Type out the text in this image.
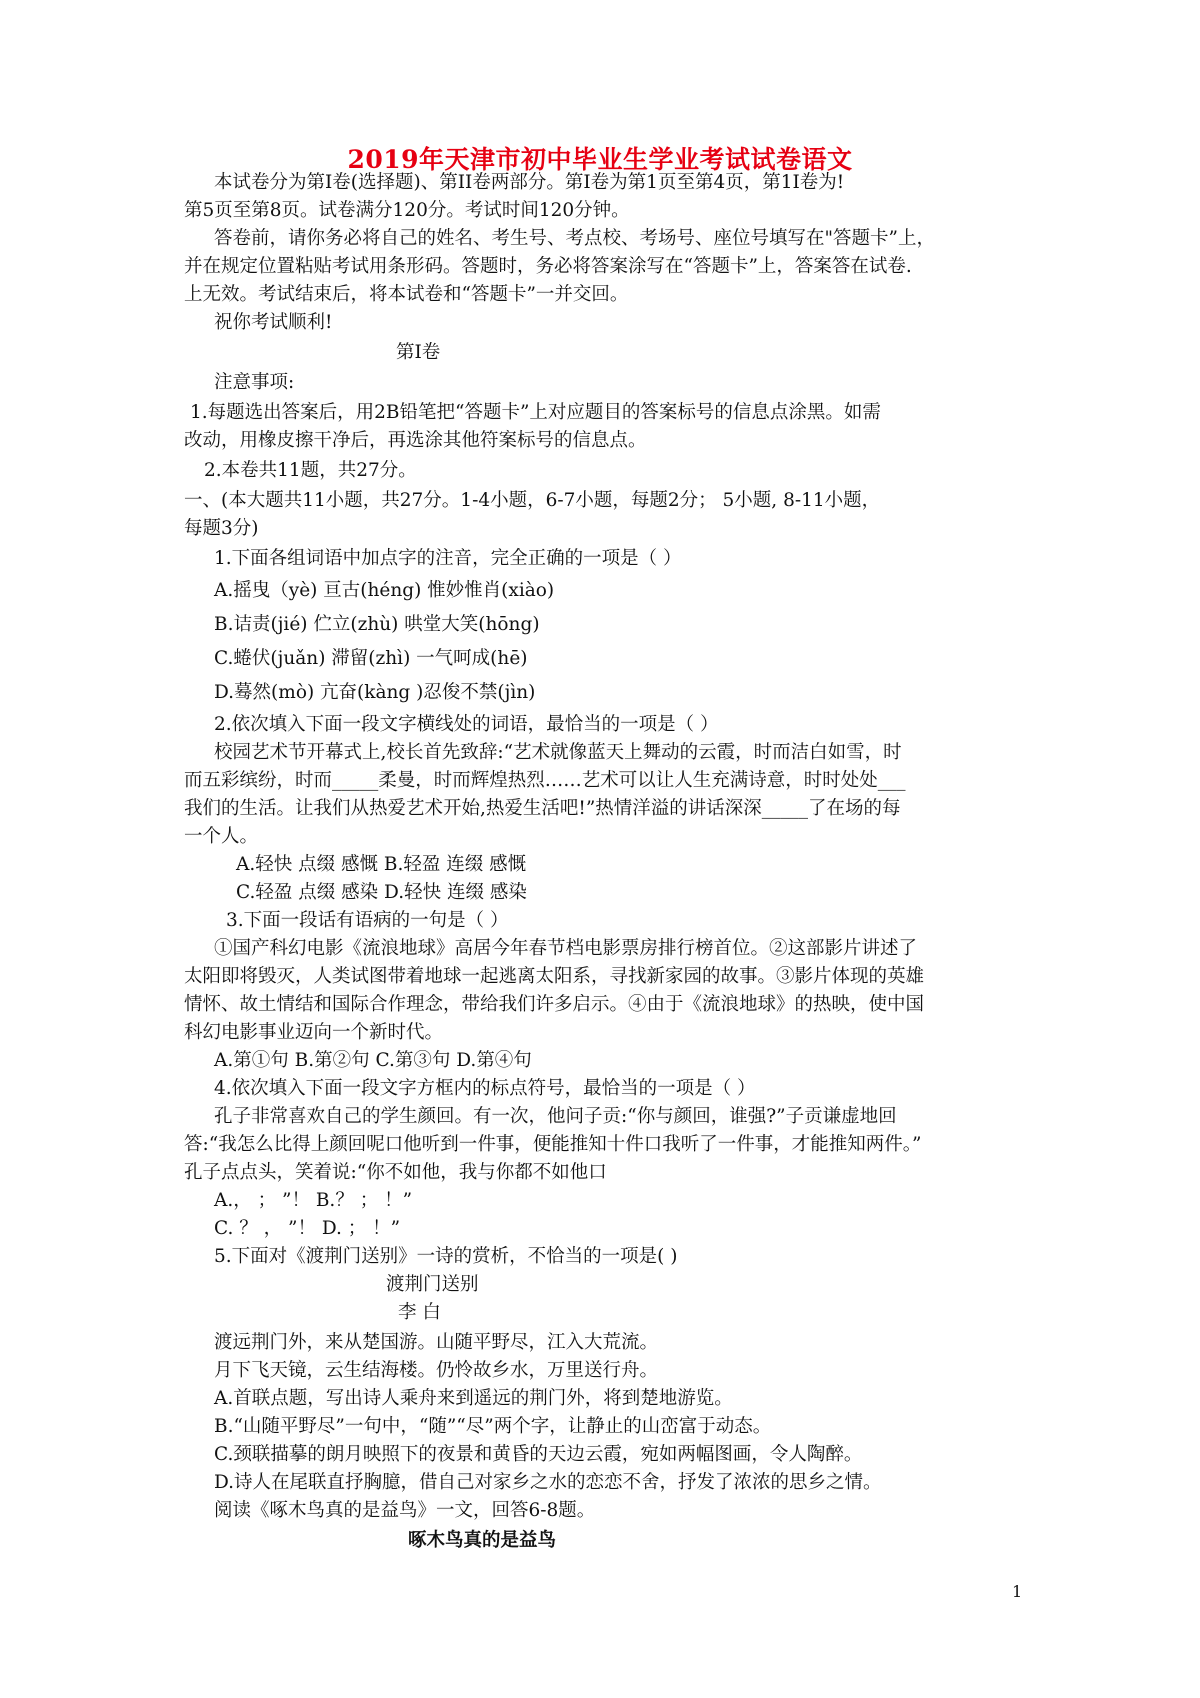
2019年天津市初中毕业生学业考试试卷语文
本试卷分为第Ⅰ卷(选择题)、第II卷两部分。第Ⅰ卷为第1页至第4页，第1I卷为!
第5页至第8页。试卷满分120分。考试时间120分钟。
答卷前，请你务必将自己的姓名、考生号、考点校、考场号、座位号填写在"答题卡”上，
并在规定位置粘贴考试用条形码。答题时，务必将答案涂写在“答题卡”上，答案答在试卷.
上无效。考试结束后，将本试卷和“答题卡”一并交回。
祝你考试顺利!
第Ⅰ卷
注意事项:
1.每题选出答案后，用2B铅笔把“答题卡”上对应题目的答案标号的信息点涂黑。如需
改动，用橡皮擦干净后，再选涂其他符案标号的信息点。
2.本卷共11题，共27分。
一、(本大题共11小题，共27分。1-4小题，6-7小题，每题2分； 5小题, 8-11小题，
每题3分)
1.下面各组词语中加点字的注音，完全正确的一项是（ ）
A.摇曳（yè) 亘古(héng) 惟妙惟肖(xiào)
B.诘责(jié) 伫立(zhù) 哄堂大笑(hōng)
C.蜷伏(juǎn) 滞留(zhì) 一气呵成(hē)
D.蓦然(mò) 亢奋(kàng )忍俊不禁(jìn)
2.依次填入下面一段文字横线处的词语，最恰当的一项是（ ）
校园艺术节开幕式上,校长首先致辞:“艺术就像蓝天上舞动的云霞，时而洁白如雪，时
而五彩缤纷，时而_____柔曼，时而辉煌热烈……艺术可以让人生充满诗意，时时处处___
我们的生活。让我们从热爱艺术开始,热爱生活吧!”热情洋溢的讲话深深_____了在场的每
一个人。
A.轻快 点缀 感慨 B.轻盈 连缀 感慨
C.轻盈 点缀 感染 D.轻快 连缀 感染
3.下面一段话有语病的一句是（ ）
①国产科幻电影《流浪地球》高居今年春节档电影票房排行榜首位。②这部影片讲述了
太阳即将毁灭，人类试图带着地球一起逃离太阳系，寻找新家园的故事。③影片体现的英雄
情怀、故土情结和国际合作理念，带给我们许多启示。④由于《流浪地球》的热映，使中国
科幻电影事业迈向一个新时代。
A.第①句 B.第②句 C.第③句 D.第④句
4.依次填入下面一段文字方框内的标点符号，最恰当的一项是（ ）
孔子非常喜欢自己的学生颜回。有一次，他问子贡:“你与颜回，谁强?”子贡谦虚地回
答:“我怎么比得上颜回呢口他听到一件事，便能推知十件口我听了一件事，才能推知两件。”
孔子点点头，笑着说:“你不如他，我与你都不如他口
A.， ； ”！ B.？ ； ！”
C. ？ ， ”！ D. ； ！”
5.下面对《渡荆门送别》一诗的赏析，不恰当的一项是( )
渡荆门送别
李 白
渡远荆门外，来从楚国游。山随平野尽，江入大荒流。
月下飞天镜，云生结海楼。仍怜故乡水，万里送行舟。
A.首联点题，写出诗人乘舟来到遥远的荆门外，将到楚地游览。
B.“山随平野尽”一句中，“随”“尽”两个字，让静止的山峦富于动态。
C.颈联描摹的朗月映照下的夜景和黄昏的天边云霞，宛如两幅图画，令人陶醉。
D.诗人在尾联直抒胸臆，借自己对家乡之水的恋恋不舍，抒发了浓浓的思乡之情。
阅读《啄木鸟真的是益鸟》一文，回答6-8题。
啄木鸟真的是益鸟
1
